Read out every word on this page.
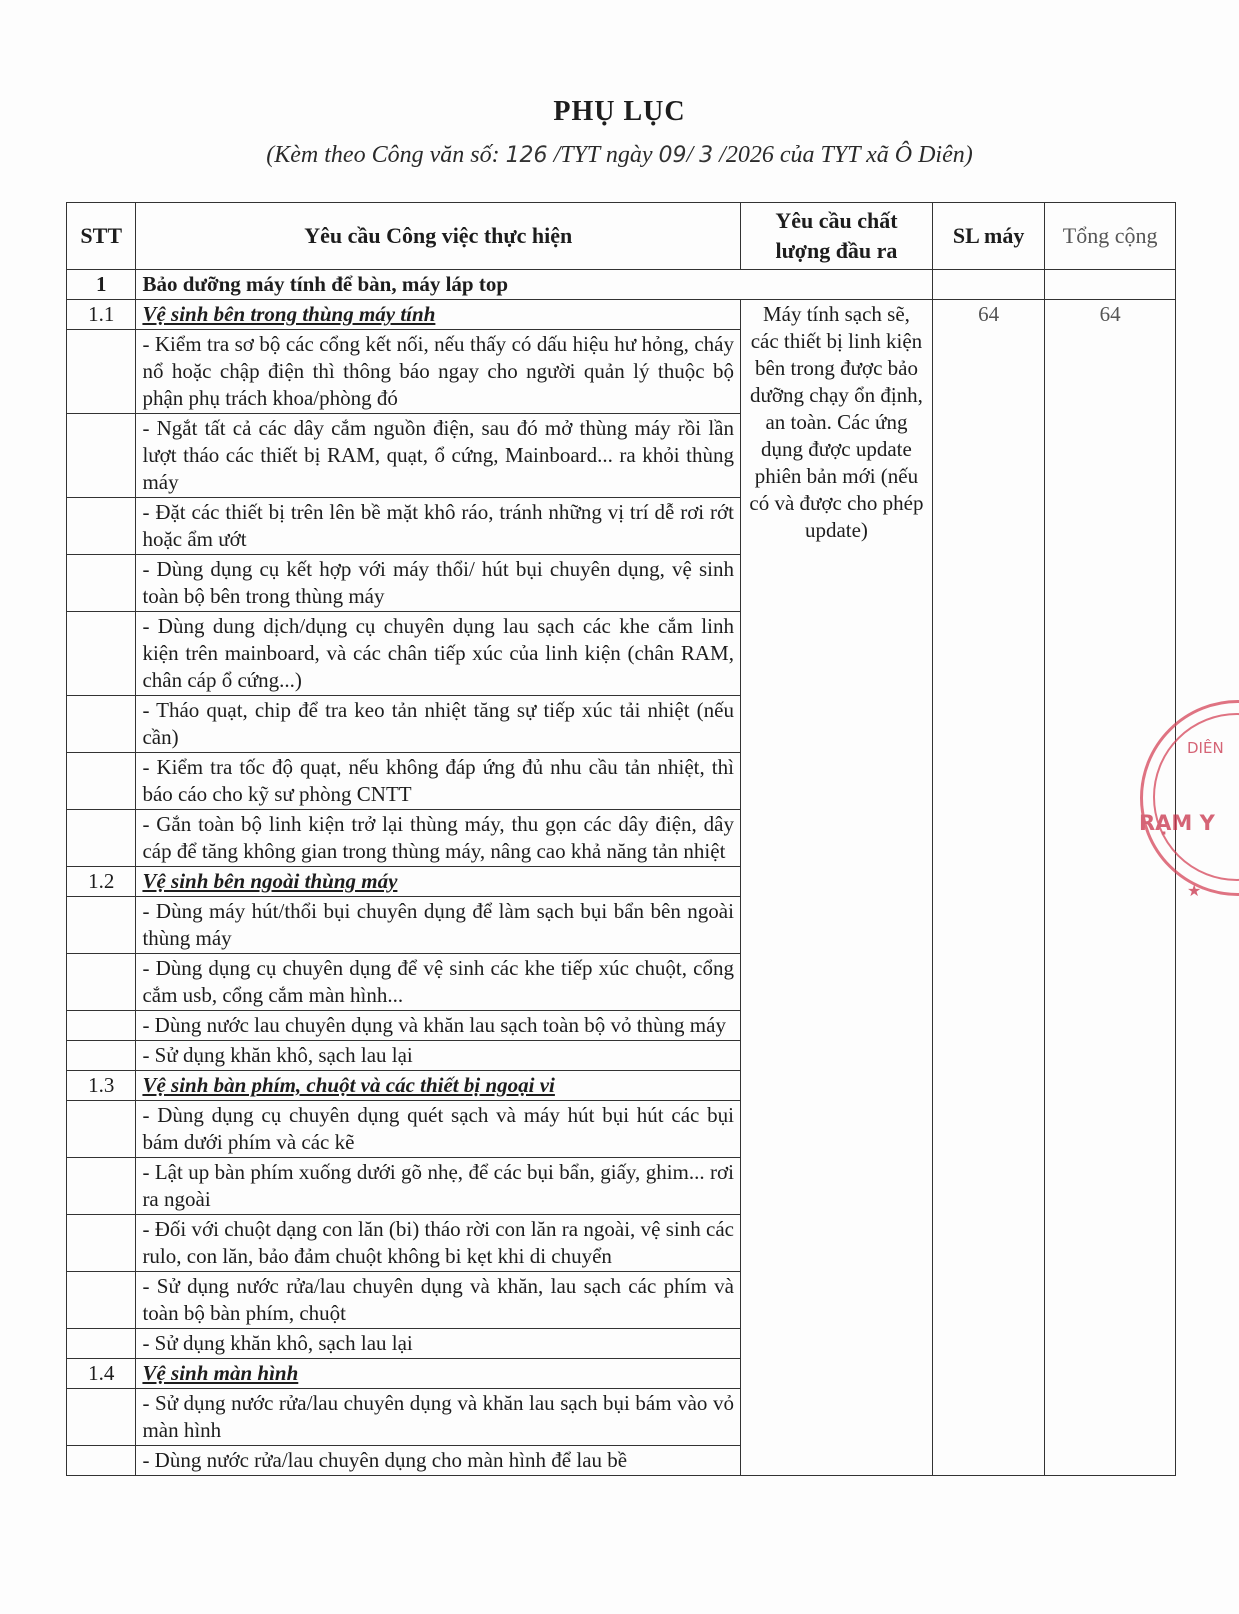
PHỤ LỤC
(Kèm theo Công văn số: 126 /TYT ngày 09/ 3 /2026 của TYT xã Ô Diên)
STT	Yêu cầu Công việc thực hiện	Yêu cầu chất lượng đầu ra	SL máy	Tổng cộng
1	Bảo dưỡng máy tính để bàn, máy láp top			
1.1	Vệ sinh bên trong thùng máy tính	Máy tính sạch sẽ, các thiết bị linh kiện bên trong được bảo dưỡng chạy ổn định, an toàn. Các ứng dụng được update phiên bản mới (nếu có và được cho phép update)	64	64
	- Kiểm tra sơ bộ các cổng kết nối, nếu thấy có dấu hiệu hư hỏng, cháy nổ hoặc chập điện thì thông báo ngay cho người quản lý thuộc bộ phận phụ trách khoa/phòng đó			
	- Ngắt tất cả các dây cắm nguồn điện, sau đó mở thùng máy rồi lần lượt tháo các thiết bị RAM, quạt, ổ cứng, Mainboard... ra khỏi thùng máy			
	- Đặt các thiết bị trên lên bề mặt khô ráo, tránh những vị trí dễ rơi rớt hoặc ẩm ướt			
	- Dùng dụng cụ kết hợp với máy thổi/ hút bụi chuyên dụng, vệ sinh toàn bộ bên trong thùng máy			
	- Dùng dung dịch/dụng cụ chuyên dụng lau sạch các khe cắm linh kiện trên mainboard, và các chân tiếp xúc của linh kiện (chân RAM, chân cáp ổ cứng...)			
	- Tháo quạt, chip để tra keo tản nhiệt tăng sự tiếp xúc tải nhiệt (nếu cần)			
	- Kiểm tra tốc độ quạt, nếu không đáp ứng đủ nhu cầu tản nhiệt, thì báo cáo cho kỹ sư phòng CNTT			
	- Gắn toàn bộ linh kiện trở lại thùng máy, thu gọn các dây điện, dây cáp để tăng không gian trong thùng máy, nâng cao khả năng tản nhiệt			
1.2	Vệ sinh bên ngoài thùng máy			
	- Dùng máy hút/thổi bụi chuyên dụng để làm sạch bụi bẩn bên ngoài thùng máy			
	- Dùng dụng cụ chuyên dụng để vệ sinh các khe tiếp xúc chuột, cổng cắm usb, cổng cắm màn hình...			
	- Dùng nước lau chuyên dụng và khăn lau sạch toàn bộ vỏ thùng máy			
	- Sử dụng khăn khô, sạch lau lại			
1.3	Vệ sinh bàn phím, chuột và các thiết bị ngoại vi			
	- Dùng dụng cụ chuyên dụng quét sạch và máy hút bụi hút các bụi bám dưới phím và các kẽ			
	- Lật up bàn phím xuống dưới gõ nhẹ, để các bụi bẩn, giấy, ghim... rơi ra ngoài			
	- Đối với chuột dạng con lăn (bi) tháo rời con lăn ra ngoài, vệ sinh các rulo, con lăn, bảo đảm chuột không bi kẹt khi di chuyển			
	- Sử dụng nước rửa/lau chuyên dụng và khăn, lau sạch các phím và toàn bộ bàn phím, chuột			
	- Sử dụng khăn khô, sạch lau lại			
1.4	Vệ sinh màn hình			
	- Sử dụng nước rửa/lau chuyên dụng và khăn lau sạch bụi bám vào vỏ màn hình			
	- Dùng nước rửa/lau chuyên dụng cho màn hình để lau bề			
DIÊN
RẠM Y
★
